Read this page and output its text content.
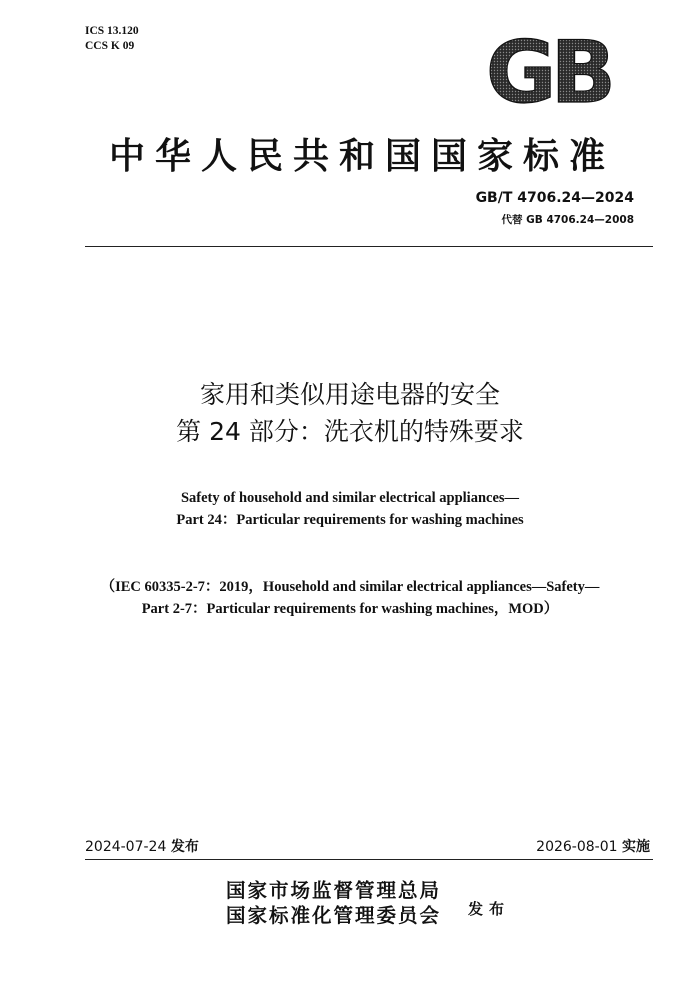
ICS 13.120
CCS K 09	GB
中华人民共和国国家标准
GB/T 4706.24—2024
代替 GB 4706.24—2008
家用和类似用途电器的安全
第 24 部分：洗衣机的特殊要求
Safety of household and similar electrical appliances—
Part 24：Particular requirements for washing machines
（IEC 60335-2-7：2019，Household and similar electrical appliances—Safety—
Part 2-7：Particular requirements for washing machines，MOD）
2024-07-24 发布	2026-08-01 实施
国家市场监督管理总局
国家标准化管理委员会 发布
